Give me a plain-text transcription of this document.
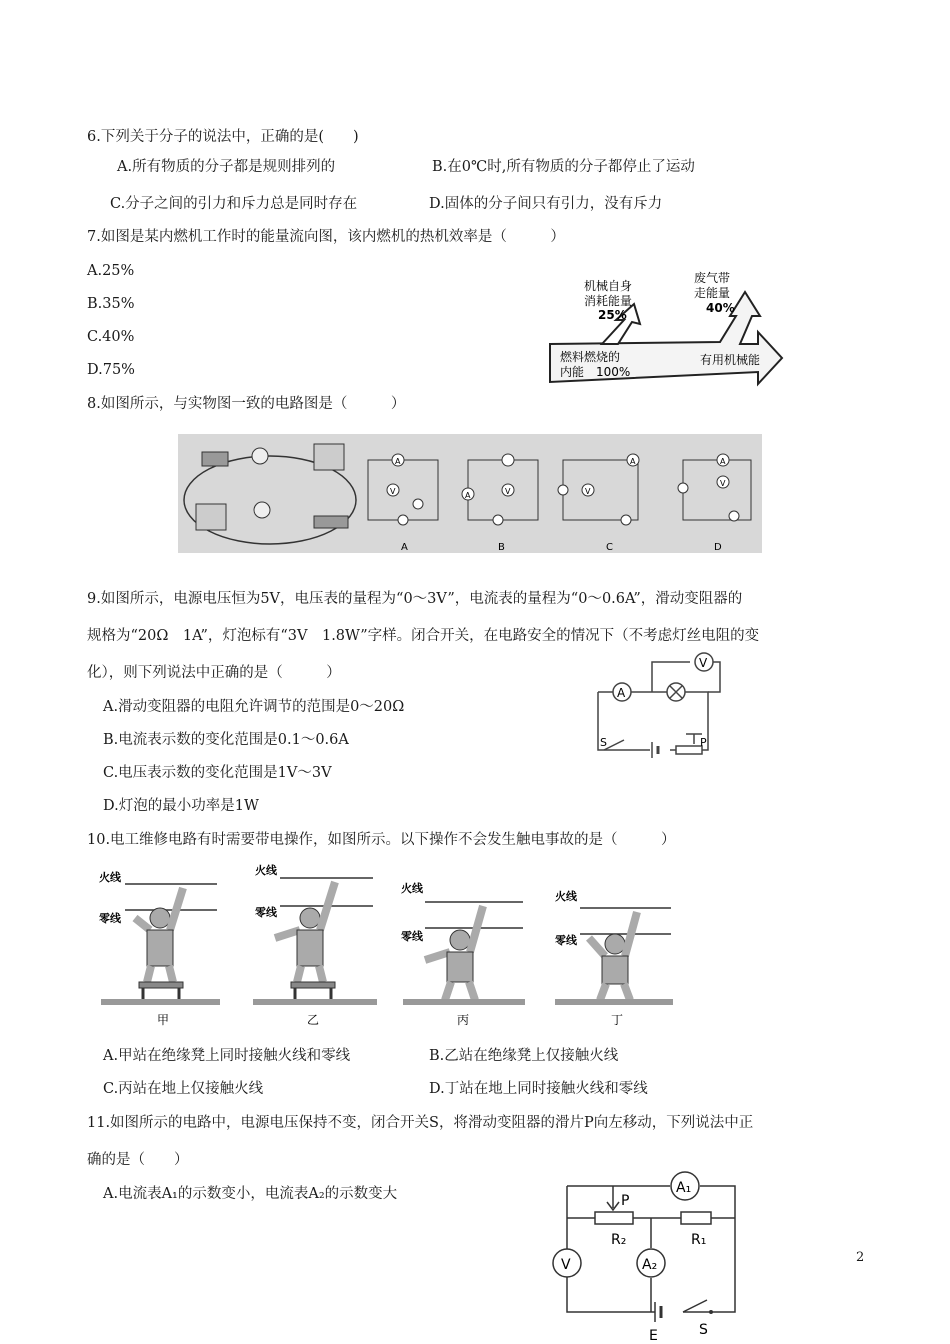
6.下列关于分子的说法中，正确的是(　　)
A.所有物质的分子都是规则排列的	B.在0℃时,所有物质的分子都停止了运动
C.分子之间的引力和斥力总是同时存在	D.固体的分子间只有引力，没有斥力
7.如图是某内燃机工作时的能量流向图，该内燃机的热机效率是（　　　）
A.25%
B.35%
C.40%
D.75%
机械自身
消耗能量
25%
废气带
走能量
40%
燃料燃烧的
内能　100%
有用机械能
8.如图所示，与实物图一致的电路图是（　　　）
A
V
A
A	V
B
A
V
C
A
V
D
9.如图所示，电源电压恒为5V，电压表的量程为“0～3V”，电流表的量程为“0～0.6A”，滑动变阻器的
规格为“20Ω　1A”，灯泡标有“3V　1.8W”字样。闭合开关，在电路安全的情况下（不考虑灯丝电阻的变
化），则下列说法中正确的是（　　　）
A.滑动变阻器的电阻允许调节的范围是0～20Ω
B.电流表示数的变化范围是0.1～0.6A
C.电压表示数的变化范围是1V～3V
D.灯泡的最小功率是1W
A
V
S	P
10.电工维修电路有时需要带电操作，如图所示。以下操作不会发生触电事故的是（　　　）
火线
零线
甲
火线
零线
乙
火线
零线
丙
火线
零线
丁
A.甲站在绝缘凳上同时接触火线和零线	B.乙站在绝缘凳上仅接触火线
C.丙站在地上仅接触火线	D.丁站在地上同时接触火线和零线
11.如图所示的电路中，电源电压保持不变，闭合开关S，将滑动变阻器的滑片P向左移动，下列说法中正
确的是（　　）
A.电流表A₁的示数变小，电流表A₂的示数变大	A₁
R₂
P
R₁
V	A₂
E	S
2
